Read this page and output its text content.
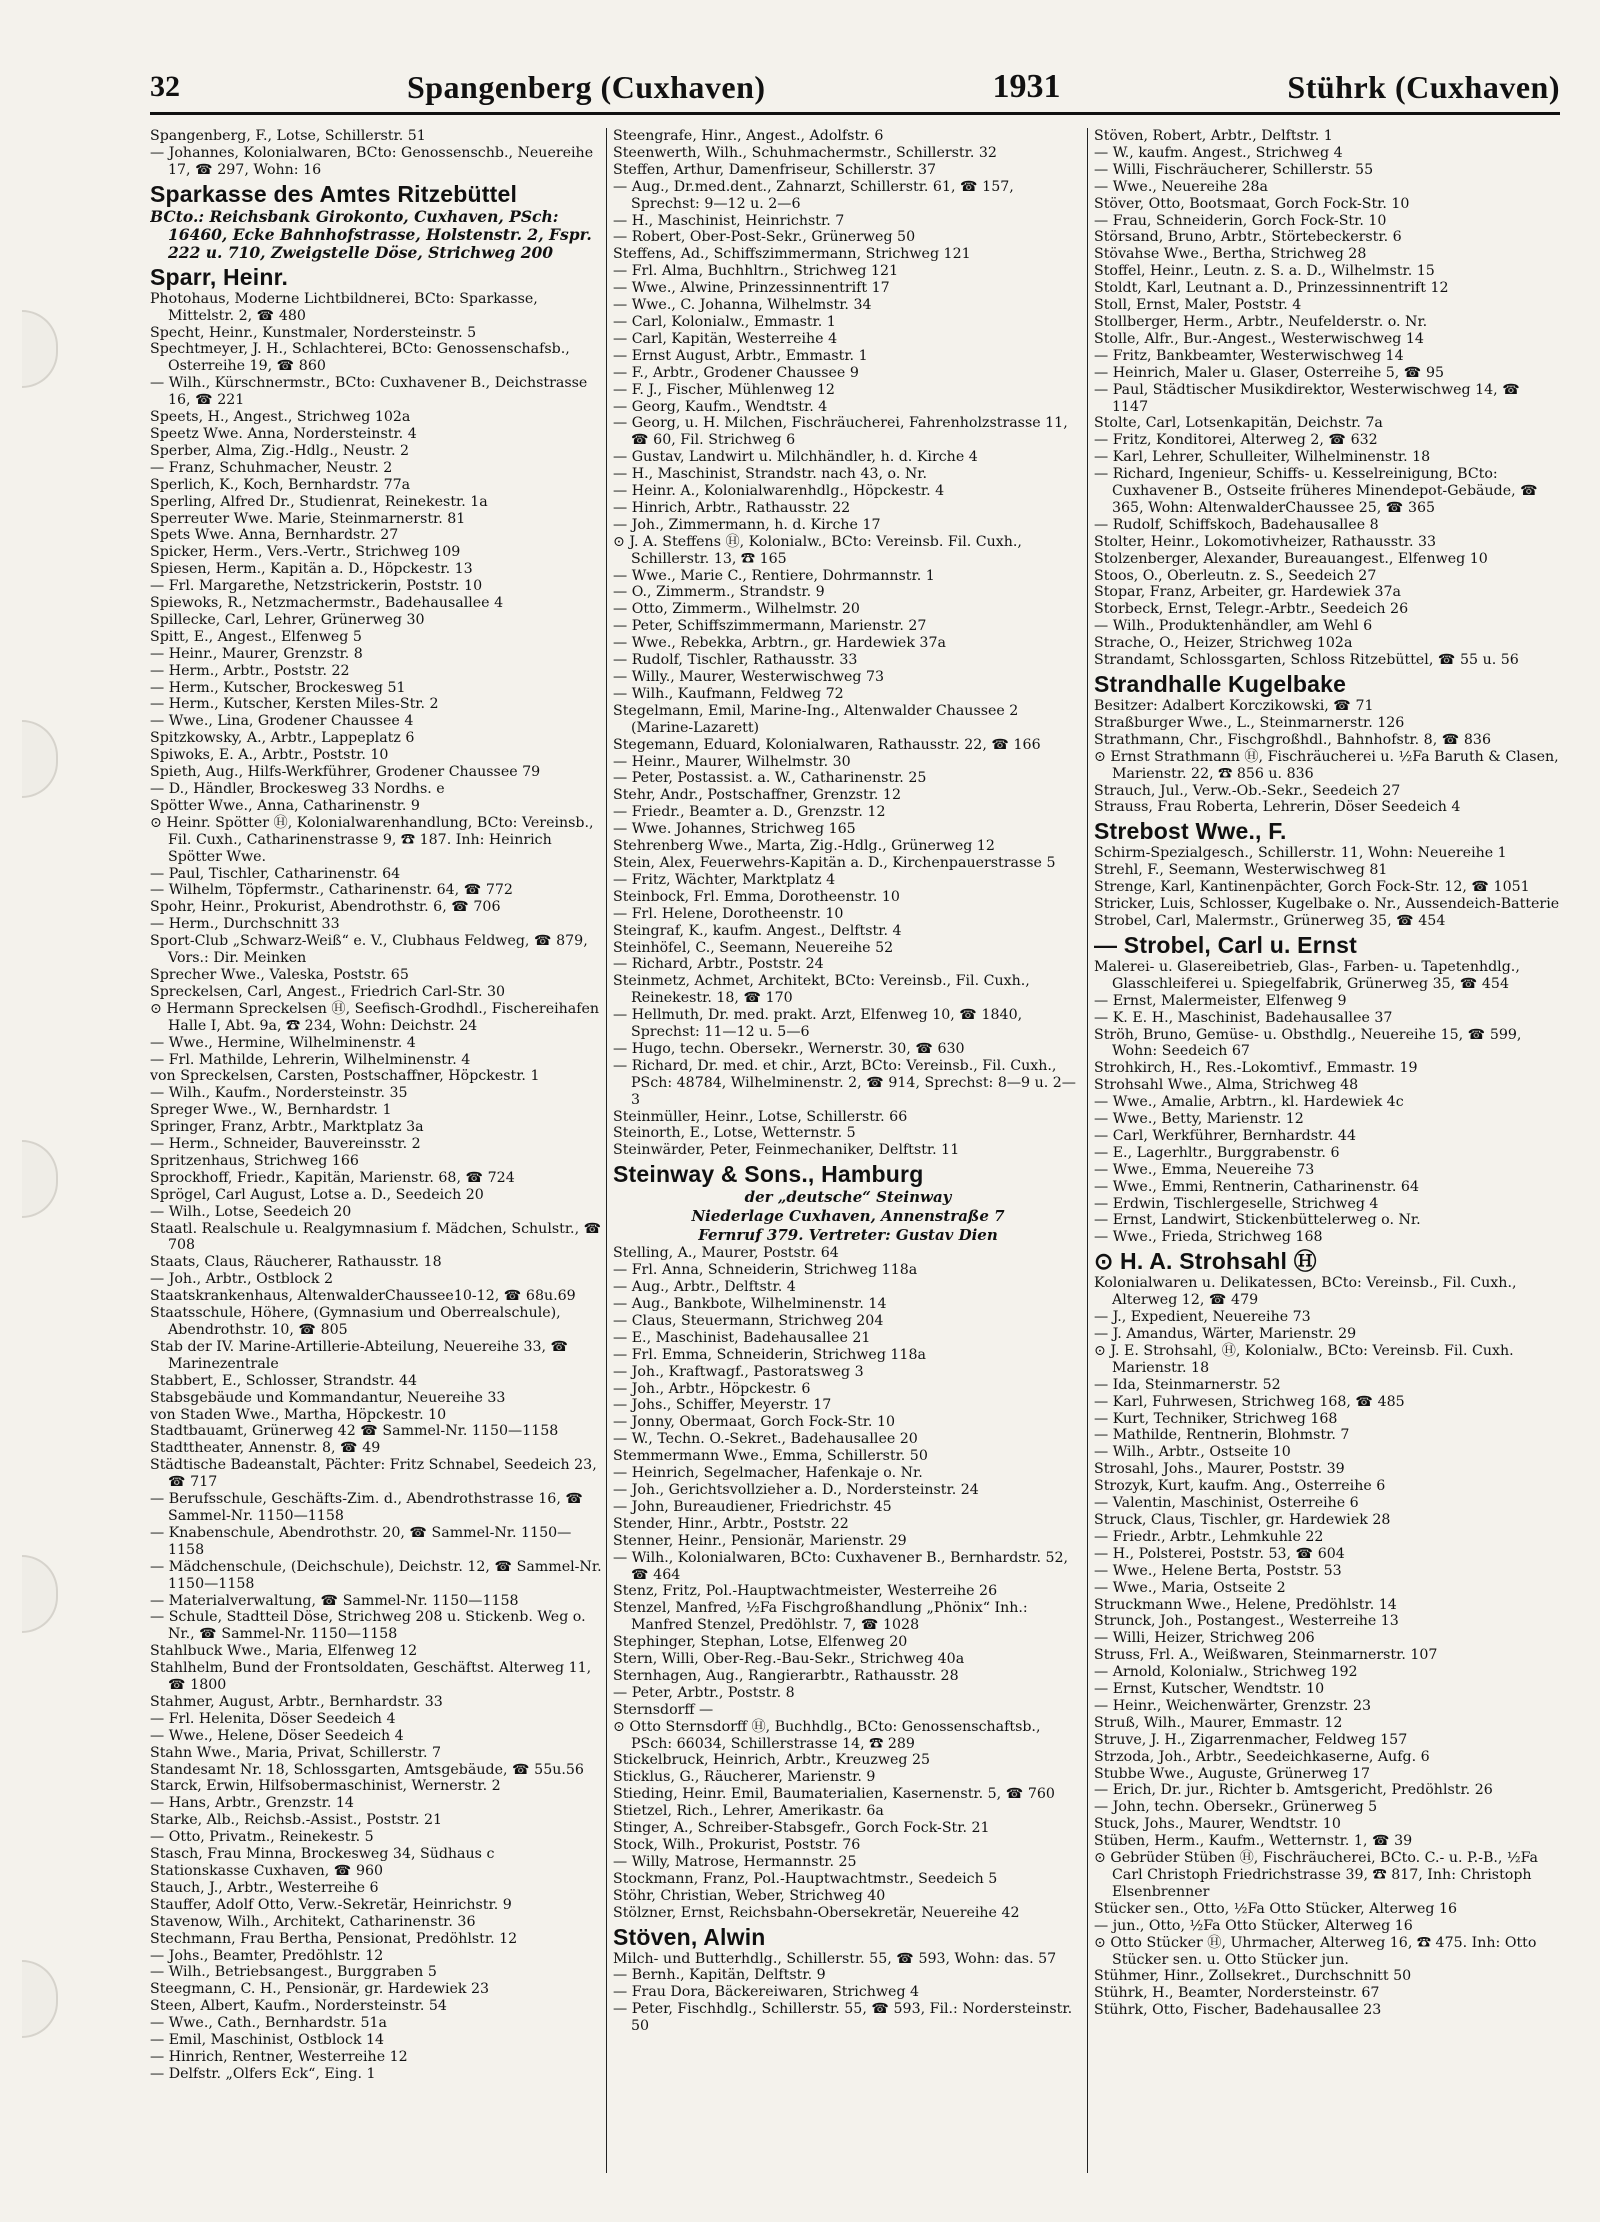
32	Spangenberg (Cuxhaven)	1931	Stührk (Cuxhaven)

Spangenberg, F., Lotse, Schillerstr. 51

— Johannes, Kolonialwaren, BCto: Genossenschb., Neuereihe 17, ☎ 297, Wohn: 16

Sparkasse des Amtes Ritzebüttel

BCto.: Reichsbank Girokonto, Cuxhaven, PSch: 16460, Ecke Bahnhofstrasse, Holstenstr. 2, Fspr. 222 u. 710, Zweigstelle Döse, Strichweg 200

Sparr, Heinr.

Photohaus, Moderne Lichtbildnerei, BCto: Sparkasse, Mittelstr. 2, ☎ 480

Specht, Heinr., Kunstmaler, Nordersteinstr. 5

Spechtmeyer, J. H., Schlachterei, BCto: Genossenschafsb., Osterreihe 19, ☎ 860

— Wilh., Kürschnermstr., BCto: Cuxhavener B., Deichstrasse 16, ☎ 221

Speets, H., Angest., Strichweg 102a

Speetz Wwe. Anna, Nordersteinstr. 4

Sperber, Alma, Zig.-Hdlg., Neustr. 2

— Franz, Schuhmacher, Neustr. 2

Sperlich, K., Koch, Bernhardstr. 77a

Sperling, Alfred Dr., Studienrat, Reinekestr. 1a

Sperreuter Wwe. Marie, Steinmarnerstr. 81

Spets Wwe. Anna, Bernhardstr. 27

Spicker, Herm., Vers.-Vertr., Strichweg 109

Spiesen, Herm., Kapitän a. D., Höpckestr. 13

— Frl. Margarethe, Netzstrickerin, Poststr. 10

Spiewoks, R., Netzmachermstr., Badehausallee 4

Spillecke, Carl, Lehrer, Grünerweg 30

Spitt, E., Angest., Elfenweg 5

— Heinr., Maurer, Grenzstr. 8

— Herm., Arbtr., Poststr. 22

— Herm., Kutscher, Brockesweg 51

— Herm., Kutscher, Kersten Miles-Str. 2

— Wwe., Lina, Grodener Chaussee 4

Spitzkowsky, A., Arbtr., Lappeplatz 6

Spiwoks, E. A., Arbtr., Poststr. 10

Spieth, Aug., Hilfs-Werkführer, Grodener Chaussee 79

— D., Händler, Brockesweg 33 Nordhs. e

Spötter Wwe., Anna, Catharinenstr. 9

⊙ Heinr. Spötter Ⓗ, Kolonialwarenhandlung, BCto: Vereinsb., Fil. Cuxh., Catharinenstrasse 9, ☎ 187. Inh: Heinrich Spötter Wwe.

— Paul, Tischler, Catharinenstr. 64

— Wilhelm, Töpfermstr., Catharinenstr. 64, ☎ 772

Spohr, Heinr., Prokurist, Abendrothstr. 6, ☎ 706

— Herm., Durchschnitt 33

Sport-Club „Schwarz-Weiß“ e. V., Clubhaus Feldweg, ☎ 879, Vors.: Dir. Meinken

Sprecher Wwe., Valeska, Poststr. 65

Spreckelsen, Carl, Angest., Friedrich Carl-Str. 30

⊙ Hermann Spreckelsen Ⓗ, Seefisch-Grodhdl., Fischereihafen Halle I, Abt. 9a, ☎ 234, Wohn: Deichstr. 24

— Wwe., Hermine, Wilhelminenstr. 4

— Frl. Mathilde, Lehrerin, Wilhelminenstr. 4

von Spreckelsen, Carsten, Postschaffner, Höpckestr. 1

— Wilh., Kaufm., Nordersteinstr. 35

Spreger Wwe., W., Bernhardstr. 1

Springer, Franz, Arbtr., Marktplatz 3a

— Herm., Schneider, Bauvereinsstr. 2

Spritzenhaus, Strichweg 166

Sprockhoff, Friedr., Kapitän, Marienstr. 68, ☎ 724

Sprögel, Carl August, Lotse a. D., Seedeich 20

— Wilh., Lotse, Seedeich 20

Staatl. Realschule u. Realgymnasium f. Mädchen, Schulstr., ☎ 708

Staats, Claus, Räucherer, Rathausstr. 18

— Joh., Arbtr., Ostblock 2

Staatskrankenhaus, AltenwalderChaussee10-12, ☎ 68u.69

Staatsschule, Höhere, (Gymnasium und Oberrealschule), Abendrothstr. 10, ☎ 805

Stab der IV. Marine-Artillerie-Abteilung, Neuereihe 33, ☎ Marinezentrale

Stabbert, E., Schlosser, Strandstr. 44

Stabsgebäude und Kommandantur, Neuereihe 33

von Staden Wwe., Martha, Höpckestr. 10

Stadtbauamt, Grünerweg 42 ☎ Sammel-Nr. 1150—1158

Stadttheater, Annenstr. 8, ☎ 49

Städtische Badeanstalt, Pächter: Fritz Schnabel, Seedeich 23, ☎ 717

— Berufsschule, Geschäfts-Zim. d., Abendrothstrasse 16, ☎ Sammel-Nr. 1150—1158

— Knabenschule, Abendrothstr. 20, ☎ Sammel-Nr. 1150—1158

— Mädchenschule, (Deichschule), Deichstr. 12, ☎ Sammel-Nr. 1150—1158

— Materialverwaltung, ☎ Sammel-Nr. 1150—1158

— Schule, Stadtteil Döse, Strichweg 208 u. Stickenb. Weg o. Nr., ☎ Sammel-Nr. 1150—1158

Stahlbuck Wwe., Maria, Elfenweg 12

Stahlhelm, Bund der Frontsoldaten, Geschäftst. Alterweg 11, ☎ 1800

Stahmer, August, Arbtr., Bernhardstr. 33

— Frl. Helenita, Döser Seedeich 4

— Wwe., Helene, Döser Seedeich 4

Stahn Wwe., Maria, Privat, Schillerstr. 7

Standesamt Nr. 18, Schlossgarten, Amtsgebäude, ☎ 55u.56

Starck, Erwin, Hilfsobermaschinist, Wernerstr. 2

— Hans, Arbtr., Grenzstr. 14

Starke, Alb., Reichsb.-Assist., Poststr. 21

— Otto, Privatm., Reinekestr. 5

Stasch, Frau Minna, Brockesweg 34, Südhaus c

Stationskasse Cuxhaven, ☎ 960

Stauch, J., Arbtr., Westerreihe 6

Stauffer, Adolf Otto, Verw.-Sekretär, Heinrichstr. 9

Stavenow, Wilh., Architekt, Catharinenstr. 36

Stechmann, Frau Bertha, Pensionat, Predöhlstr. 12

— Johs., Beamter, Predöhlstr. 12

— Wilh., Betriebsangest., Burggraben 5

Steegmann, C. H., Pensionär, gr. Hardewiek 23

Steen, Albert, Kaufm., Nordersteinstr. 54

— Wwe., Cath., Bernhardstr. 51a

— Emil, Maschinist, Ostblock 14

— Hinrich, Rentner, Westerreihe 12

— Delfstr. „Olfers Eck“, Eing. 1

Steengrafe, Hinr., Angest., Adolfstr. 6

Steenwerth, Wilh., Schuhmachermstr., Schillerstr. 32

Steffen, Arthur, Damenfriseur, Schillerstr. 37

— Aug., Dr.med.dent., Zahnarzt, Schillerstr. 61, ☎ 157, Sprechst: 9—12 u. 2—6

— H., Maschinist, Heinrichstr. 7

— Robert, Ober-Post-Sekr., Grünerweg 50

Steffens, Ad., Schiffszimmermann, Strichweg 121

— Frl. Alma, Buchhltrn., Strichweg 121

— Wwe., Alwine, Prinzessinnentrift 17

— Wwe., C. Johanna, Wilhelmstr. 34

— Carl, Kolonialw., Emmastr. 1

— Carl, Kapitän, Westerreihe 4

— Ernst August, Arbtr., Emmastr. 1

— F., Arbtr., Grodener Chaussee 9

— F. J., Fischer, Mühlenweg 12

— Georg, Kaufm., Wendtstr. 4

— Georg, u. H. Milchen, Fischräucherei, Fahrenholzstrasse 11, ☎ 60, Fil. Strichweg 6

— Gustav, Landwirt u. Milchhändler, h. d. Kirche 4

— H., Maschinist, Strandstr. nach 43, o. Nr.

— Heinr. A., Kolonialwarenhdlg., Höpckestr. 4

— Hinrich, Arbtr., Rathausstr. 22

— Joh., Zimmermann, h. d. Kirche 17

⊙ J. A. Steffens Ⓗ, Kolonialw., BCto: Vereinsb. Fil. Cuxh., Schillerstr. 13, ☎ 165

— Wwe., Marie C., Rentiere, Dohrmannstr. 1

— O., Zimmerm., Strandstr. 9

— Otto, Zimmerm., Wilhelmstr. 20

— Peter, Schiffszimmermann, Marienstr. 27

— Wwe., Rebekka, Arbtrn., gr. Hardewiek 37a

— Rudolf, Tischler, Rathausstr. 33

— Willy., Maurer, Westerwischweg 73

— Wilh., Kaufmann, Feldweg 72

Stegelmann, Emil, Marine-Ing., Altenwalder Chaussee 2 (Marine-Lazarett)

Stegemann, Eduard, Kolonialwaren, Rathausstr. 22, ☎ 166

— Heinr., Maurer, Wilhelmstr. 30

— Peter, Postassist. a. W., Catharinenstr. 25

Stehr, Andr., Postschaffner, Grenzstr. 12

— Friedr., Beamter a. D., Grenzstr. 12

— Wwe. Johannes, Strichweg 165

Stehrenberg Wwe., Marta, Zig.-Hdlg., Grünerweg 12

Stein, Alex, Feuerwehrs-Kapitän a. D., Kirchenpauerstrasse 5

— Fritz, Wächter, Marktplatz 4

Steinbock, Frl. Emma, Dorotheenstr. 10

— Frl. Helene, Dorotheenstr. 10

Steingraf, K., kaufm. Angest., Delftstr. 4

Steinhöfel, C., Seemann, Neuereihe 52

— Richard, Arbtr., Poststr. 24

Steinmetz, Achmet, Architekt, BCto: Vereinsb., Fil. Cuxh., Reinekestr. 18, ☎ 170

— Hellmuth, Dr. med. prakt. Arzt, Elfenweg 10, ☎ 1840, Sprechst: 11—12 u. 5—6

— Hugo, techn. Obersekr., Wernerstr. 30, ☎ 630

— Richard, Dr. med. et chir., Arzt, BCto: Vereinsb., Fil. Cuxh., PSch: 48784, Wilhelminenstr. 2, ☎ 914, Sprechst: 8—9 u. 2—3

Steinmüller, Heinr., Lotse, Schillerstr. 66

Steinorth, E., Lotse, Wetternstr. 5

Steinwärder, Peter, Feinmechaniker, Delftstr. 11

Steinway & Sons., Hamburg

der „deutsche“ Steinway

Niederlage Cuxhaven, Annenstraße 7

Fernruf 379. Vertreter: Gustav Dien

Stelling, A., Maurer, Poststr. 64

— Frl. Anna, Schneiderin, Strichweg 118a

— Aug., Arbtr., Delftstr. 4

— Aug., Bankbote, Wilhelminenstr. 14

— Claus, Steuermann, Strichweg 204

— E., Maschinist, Badehausallee 21

— Frl. Emma, Schneiderin, Strichweg 118a

— Joh., Kraftwagf., Pastoratsweg 3

— Joh., Arbtr., Höpckestr. 6

— Johs., Schiffer, Meyerstr. 17

— Jonny, Obermaat, Gorch Fock-Str. 10

— W., Techn. O.-Sekret., Badehausallee 20

Stemmermann Wwe., Emma, Schillerstr. 50

— Heinrich, Segelmacher, Hafenkaje o. Nr.

— Joh., Gerichtsvollzieher a. D., Nordersteinstr. 24

— John, Bureaudiener, Friedrichstr. 45

Stender, Hinr., Arbtr., Poststr. 22

Stenner, Heinr., Pensionär, Marienstr. 29

— Wilh., Kolonialwaren, BCto: Cuxhavener B., Bernhardstr. 52, ☎ 464

Stenz, Fritz, Pol.-Hauptwachtmeister, Westerreihe 26

Stenzel, Manfred, ½Fa Fischgroßhandlung „Phönix“ Inh.: Manfred Stenzel, Predöhlstr. 7, ☎ 1028

Stephinger, Stephan, Lotse, Elfenweg 20

Stern, Willi, Ober-Reg.-Bau-Sekr., Strichweg 40a

Sternhagen, Aug., Rangierarbtr., Rathausstr. 28

— Peter, Arbtr., Poststr. 8

Sternsdorff —

⊙ Otto Sternsdorff Ⓗ, Buchhdlg., BCto: Genossenschaftsb., PSch: 66034, Schillerstrasse 14, ☎ 289

Stickelbruck, Heinrich, Arbtr., Kreuzweg 25

Sticklus, G., Räucherer, Marienstr. 9

Stieding, Heinr. Emil, Baumaterialien, Kasernenstr. 5, ☎ 760

Stietzel, Rich., Lehrer, Amerikastr. 6a

Stinger, A., Schreiber-Stabsgefr., Gorch Fock-Str. 21

Stock, Wilh., Prokurist, Poststr. 76

— Willy, Matrose, Hermannstr. 25

Stockmann, Franz, Pol.-Hauptwachtmstr., Seedeich 5

Stöhr, Christian, Weber, Strichweg 40

Stölzner, Ernst, Reichsbahn-Obersekretär, Neuereihe 42

Stöven, Alwin

Milch- und Butterhdlg., Schillerstr. 55, ☎ 593, Wohn: das. 57

— Bernh., Kapitän, Delftstr. 9

— Frau Dora, Bäckereiwaren, Strichweg 4

— Peter, Fischhdlg., Schillerstr. 55, ☎ 593, Fil.: Nordersteinstr. 50

Stöven, Robert, Arbtr., Delftstr. 1

— W., kaufm. Angest., Strichweg 4

— Willi, Fischräucherer, Schillerstr. 55

— Wwe., Neuereihe 28a

Stöver, Otto, Bootsmaat, Gorch Fock-Str. 10

— Frau, Schneiderin, Gorch Fock-Str. 10

Störsand, Bruno, Arbtr., Störtebeckerstr. 6

Stövahse Wwe., Bertha, Strichweg 28

Stoffel, Heinr., Leutn. z. S. a. D., Wilhelmstr. 15

Stoldt, Karl, Leutnant a. D., Prinzessinnentrift 12

Stoll, Ernst, Maler, Poststr. 4

Stollberger, Herm., Arbtr., Neufelderstr. o. Nr.

Stolle, Alfr., Bur.-Angest., Westerwischweg 14

— Fritz, Bankbeamter, Westerwischweg 14

— Heinrich, Maler u. Glaser, Osterreihe 5, ☎ 95

— Paul, Städtischer Musikdirektor, Westerwischweg 14, ☎ 1147

Stolte, Carl, Lotsenkapitän, Deichstr. 7a

— Fritz, Konditorei, Alterweg 2, ☎ 632

— Karl, Lehrer, Schulleiter, Wilhelminenstr. 18

— Richard, Ingenieur, Schiffs- u. Kesselreinigung, BCto: Cuxhavener B., Ostseite früheres Minendepot-Gebäude, ☎ 365, Wohn: AltenwalderChaussee 25, ☎ 365

— Rudolf, Schiffskoch, Badehausallee 8

Stolter, Heinr., Lokomotivheizer, Rathausstr. 33

Stolzenberger, Alexander, Bureauangest., Elfenweg 10

Stoos, O., Oberleutn. z. S., Seedeich 27

Stopar, Franz, Arbeiter, gr. Hardewiek 37a

Storbeck, Ernst, Telegr.-Arbtr., Seedeich 26

— Wilh., Produktenhändler, am Wehl 6

Strache, O., Heizer, Strichweg 102a

Strandamt, Schlossgarten, Schloss Ritzebüttel, ☎ 55 u. 56

Strandhalle Kugelbake

Besitzer: Adalbert Korczikowski, ☎ 71

Straßburger Wwe., L., Steinmarnerstr. 126

Strathmann, Chr., Fischgroßhdl., Bahnhofstr. 8, ☎ 836

⊙ Ernst Strathmann Ⓗ, Fischräucherei u. ½Fa Baruth & Clasen, Marienstr. 22, ☎ 856 u. 836

Strauch, Jul., Verw.-Ob.-Sekr., Seedeich 27

Strauss, Frau Roberta, Lehrerin, Döser Seedeich 4

Strebost Wwe., F.

Schirm-Spezialgesch., Schillerstr. 11, Wohn: Neuereihe 1

Strehl, F., Seemann, Westerwischweg 81

Strenge, Karl, Kantinenpächter, Gorch Fock-Str. 12, ☎ 1051

Stricker, Luis, Schlosser, Kugelbake o. Nr., Aussendeich-Batterie

Strobel, Carl, Malermstr., Grünerweg 35, ☎ 454

— Strobel, Carl u. Ernst

Malerei- u. Glasereibetrieb, Glas-, Farben- u. Tapetenhdlg., Glasschleiferei u. Spiegelfabrik, Grünerweg 35, ☎ 454

— Ernst, Malermeister, Elfenweg 9

— K. E. H., Maschinist, Badehausallee 37

Ströh, Bruno, Gemüse- u. Obsthdlg., Neuereihe 15, ☎ 599, Wohn: Seedeich 67

Strohkirch, H., Res.-Lokomtivf., Emmastr. 19

Strohsahl Wwe., Alma, Strichweg 48

— Wwe., Amalie, Arbtrn., kl. Hardewiek 4c

— Wwe., Betty, Marienstr. 12

— Carl, Werkführer, Bernhardstr. 44

— E., Lagerhltr., Burggrabenstr. 6

— Wwe., Emma, Neuereihe 73

— Wwe., Emmi, Rentnerin, Catharinenstr. 64

— Erdwin, Tischlergeselle, Strichweg 4

— Ernst, Landwirt, Stickenbüttelerweg o. Nr.

— Wwe., Frieda, Strichweg 168

⊙ H. A. Strohsahl Ⓗ

Kolonialwaren u. Delikatessen, BCto: Vereinsb., Fil. Cuxh., Alterweg 12, ☎ 479

— J., Expedient, Neuereihe 73

— J. Amandus, Wärter, Marienstr. 29

⊙ J. E. Strohsahl, Ⓗ, Kolonialw., BCto: Vereinsb. Fil. Cuxh. Marienstr. 18

— Ida, Steinmarnerstr. 52

— Karl, Fuhrwesen, Strichweg 168, ☎ 485

— Kurt, Techniker, Strichweg 168

— Mathilde, Rentnerin, Blohmstr. 7

— Wilh., Arbtr., Ostseite 10

Strosahl, Johs., Maurer, Poststr. 39

Strozyk, Kurt, kaufm. Ang., Osterreihe 6

— Valentin, Maschinist, Osterreihe 6

Struck, Claus, Tischler, gr. Hardewiek 28

— Friedr., Arbtr., Lehmkuhle 22

— H., Polsterei, Poststr. 53, ☎ 604

— Wwe., Helene Berta, Poststr. 53

— Wwe., Maria, Ostseite 2

Struckmann Wwe., Helene, Predöhlstr. 14

Strunck, Joh., Postangest., Westerreihe 13

— Willi, Heizer, Strichweg 206

Struss, Frl. A., Weißwaren, Steinmarnerstr. 107

— Arnold, Kolonialw., Strichweg 192

— Ernst, Kutscher, Wendtstr. 10

— Heinr., Weichenwärter, Grenzstr. 23

Struß, Wilh., Maurer, Emmastr. 12

Struve, J. H., Zigarrenmacher, Feldweg 157

Strzoda, Joh., Arbtr., Seedeichkaserne, Aufg. 6

Stubbe Wwe., Auguste, Grünerweg 17

— Erich, Dr. jur., Richter b. Amtsgericht, Predöhlstr. 26

— John, techn. Obersekr., Grünerweg 5

Stuck, Johs., Maurer, Wendtstr. 10

Stüben, Herm., Kaufm., Wetternstr. 1, ☎ 39

⊙ Gebrüder Stüben Ⓗ, Fischräucherei, BCto. C.- u. P.-B., ½Fa Carl Christoph Friedrichstrasse 39, ☎ 817, Inh: Christoph Elsenbrenner

Stücker sen., Otto, ½Fa Otto Stücker, Alterweg 16

— jun., Otto, ½Fa Otto Stücker, Alterweg 16

⊙ Otto Stücker Ⓗ, Uhrmacher, Alterweg 16, ☎ 475. Inh: Otto Stücker sen. u. Otto Stücker jun.

Stühmer, Hinr., Zollsekret., Durchschnitt 50

Stührk, H., Beamter, Nordersteinstr. 67

Stührk, Otto, Fischer, Badehausallee 23
